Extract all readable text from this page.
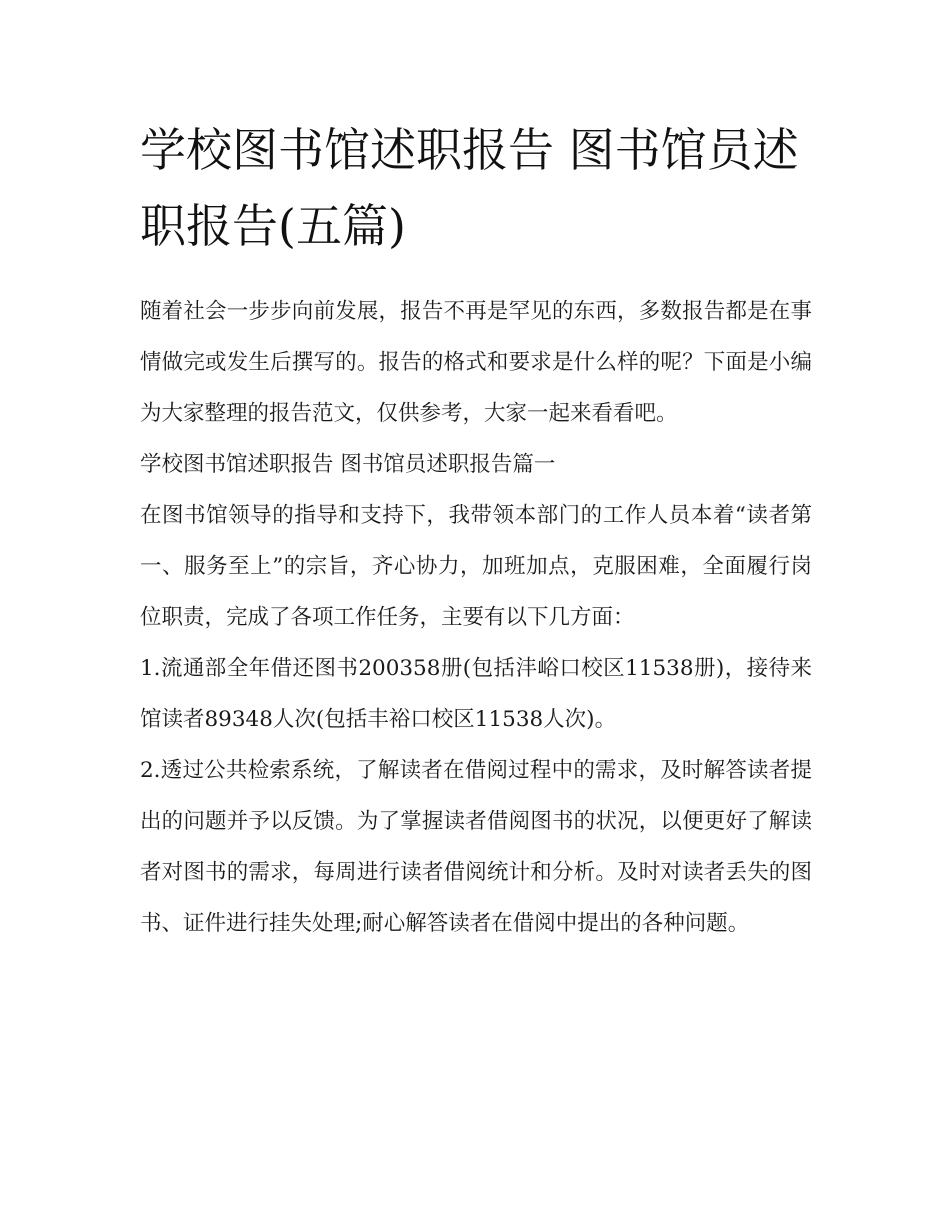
学校图书馆述职报告 图书馆员述职报告(五篇)

随着社会一步步向前发展，报告不再是罕见的东西，多数报告都是在事情做完或发生后撰写的。报告的格式和要求是什么样的呢？下面是小编为大家整理的报告范文，仅供参考，大家一起来看看吧。

学校图书馆述职报告 图书馆员述职报告篇一

在图书馆领导的指导和支持下，我带领本部门的工作人员本着“读者第一、服务至上”的宗旨，齐心协力，加班加点，克服困难，全面履行岗位职责，完成了各项工作任务，主要有以下几方面：

1.流通部全年借还图书200358册(包括沣峪口校区11538册)，接待来馆读者89348人次(包括丰裕口校区11538人次)。

2.透过公共检索系统，了解读者在借阅过程中的需求，及时解答读者提出的问题并予以反馈。为了掌握读者借阅图书的状况，以便更好了解读者对图书的需求，每周进行读者借阅统计和分析。及时对读者丢失的图书、证件进行挂失处理;耐心解答读者在借阅中提出的各种问题。
